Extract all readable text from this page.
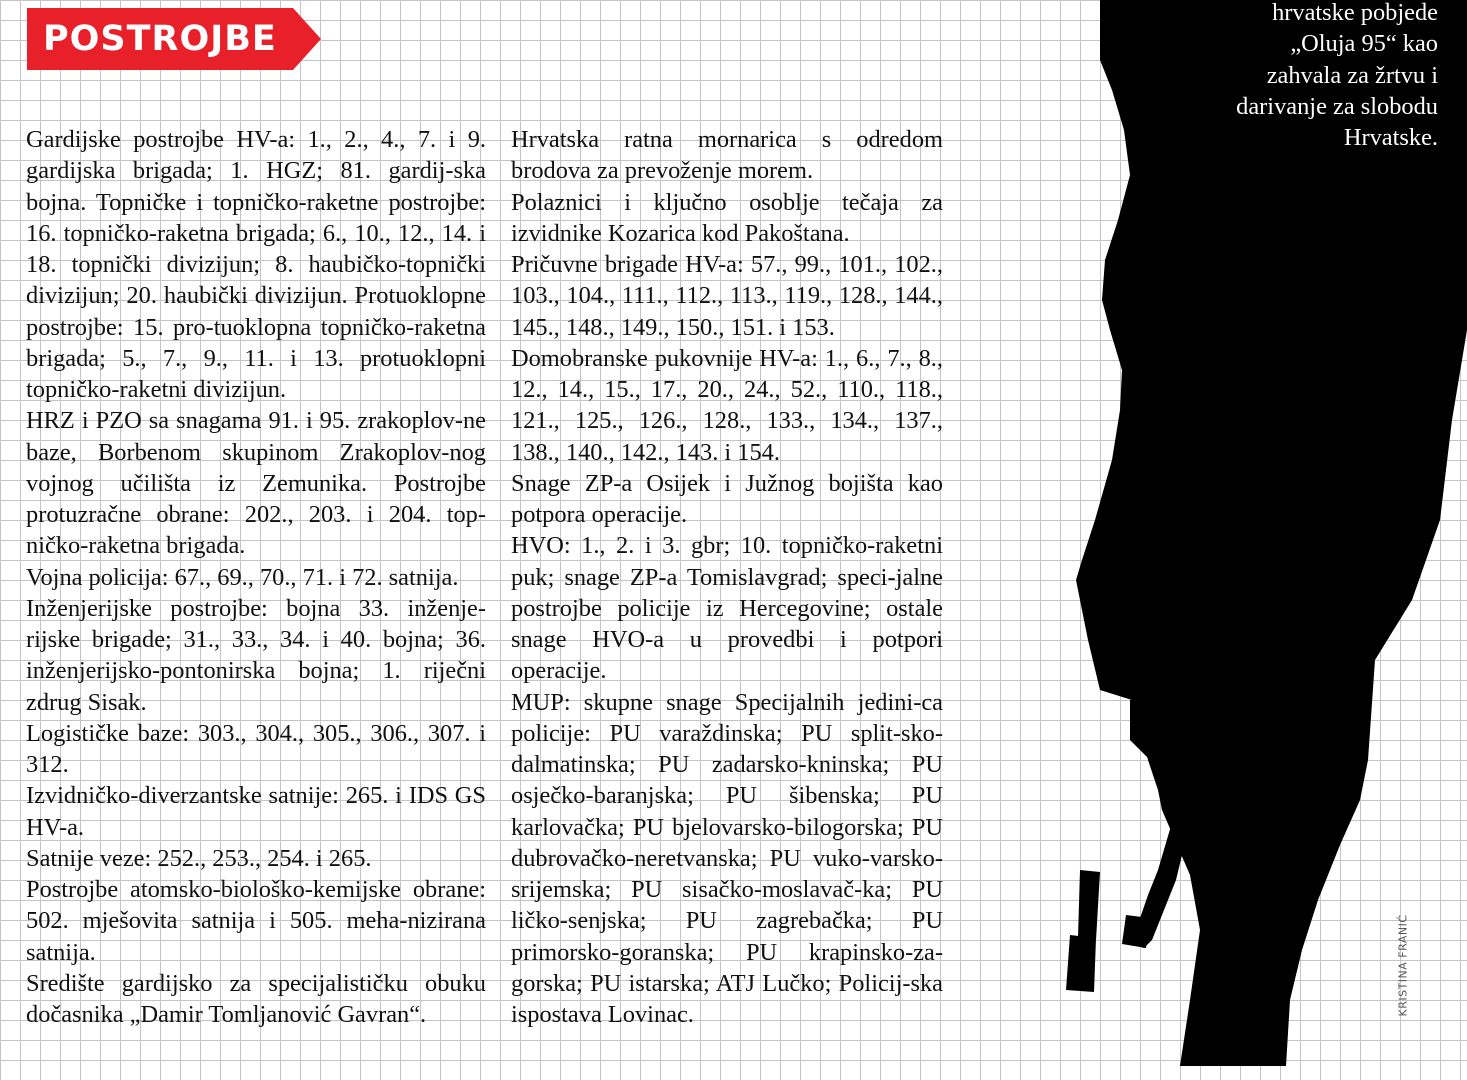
POSTROJBE

Gardijske postrojbe HV-a: 1., 2., 4., 7. i 9. gardijska brigada; 1. HGZ; 81. gardij-ska bojna. Topničke i topničko-raketne postrojbe: 16. topničko-raketna brigada; 6., 10., 12., 14. i 18. topnički divizijun; 8. haubičko-topnički divizijun; 20. haubički divizijun. Protuoklopne postrojbe: 15. pro-tuoklopna topničko-raketna brigada; 5., 7., 9., 11. i 13. protuoklopni topničko-raketni divizijun.

HRZ i PZO sa snagama 91. i 95. zrakoplov-ne baze, Borbenom skupinom Zrakoplov-nog vojnog učilišta iz Zemunika. Postrojbe protuzračne obrane: 202., 203. i 204. top-ničko-raketna brigada.

Vojna policija: 67., 69., 70., 71. i 72. satnija.

Inženjerijske postrojbe: bojna 33. inženje-rijske brigade; 31., 33., 34. i 40. bojna; 36. inženjerijsko-pontonirska bojna; 1. riječni zdrug Sisak.

Logističke baze: 303., 304., 305., 306., 307. i 312.

Izvidničko-diverzantske satnije: 265. i IDS GS HV-a.

Satnije veze: 252., 253., 254. i 265.

Postrojbe atomsko-biološko-kemijske obrane: 502. mješovita satnija i 505. meha-nizirana satnija.

Središte gardijsko za specijalističku obuku dočasnika „Damir Tomljanović Gavran“.

Hrvatska ratna mornarica s odredom brodova za prevoženje morem.

Polaznici i ključno osoblje tečaja za izvidnike Kozarica kod Pakoštana.

Pričuvne brigade HV-a: 57., 99., 101., 102., 103., 104., 111., 112., 113., 119., 128., 144., 145., 148., 149., 150., 151. i 153.

Domobranske pukovnije HV-a: 1., 6., 7., 8., 12., 14., 15., 17., 20., 24., 52., 110., 118., 121., 125., 126., 128., 133., 134., 137., 138., 140., 142., 143. i 154.

Snage ZP-a Osijek i Južnog bojišta kao potpora operacije.

HVO: 1., 2. i 3. gbr; 10. topničko-raketni puk; snage ZP-a Tomislavgrad; speci-jalne postrojbe policije iz Hercegovine; ostale snage HVO-a u provedbi i potpori operacije.

MUP: skupne snage Specijalnih jedini-ca policije: PU varaždinska; PU split-sko-dalmatinska; PU zadarsko-kninska; PU osječko-baranjska; PU šibenska; PU karlovačka; PU bjelovarsko-bilogorska; PU dubrovačko-neretvanska; PU vuko-varsko-srijemska; PU sisačko-moslavač-ka; PU ličko-senjska; PU zagrebačka; PU primorsko-goranska; PU krapinsko-za-gorska; PU istarska; ATJ Lučko; Policij-ska ispostava Lovinac.

hrvatske pobjede
„Oluja 95“ kao
zahvala za žrtvu i
darivanje za slobodu
Hrvatske.
KRISTINA FRANIĆ
